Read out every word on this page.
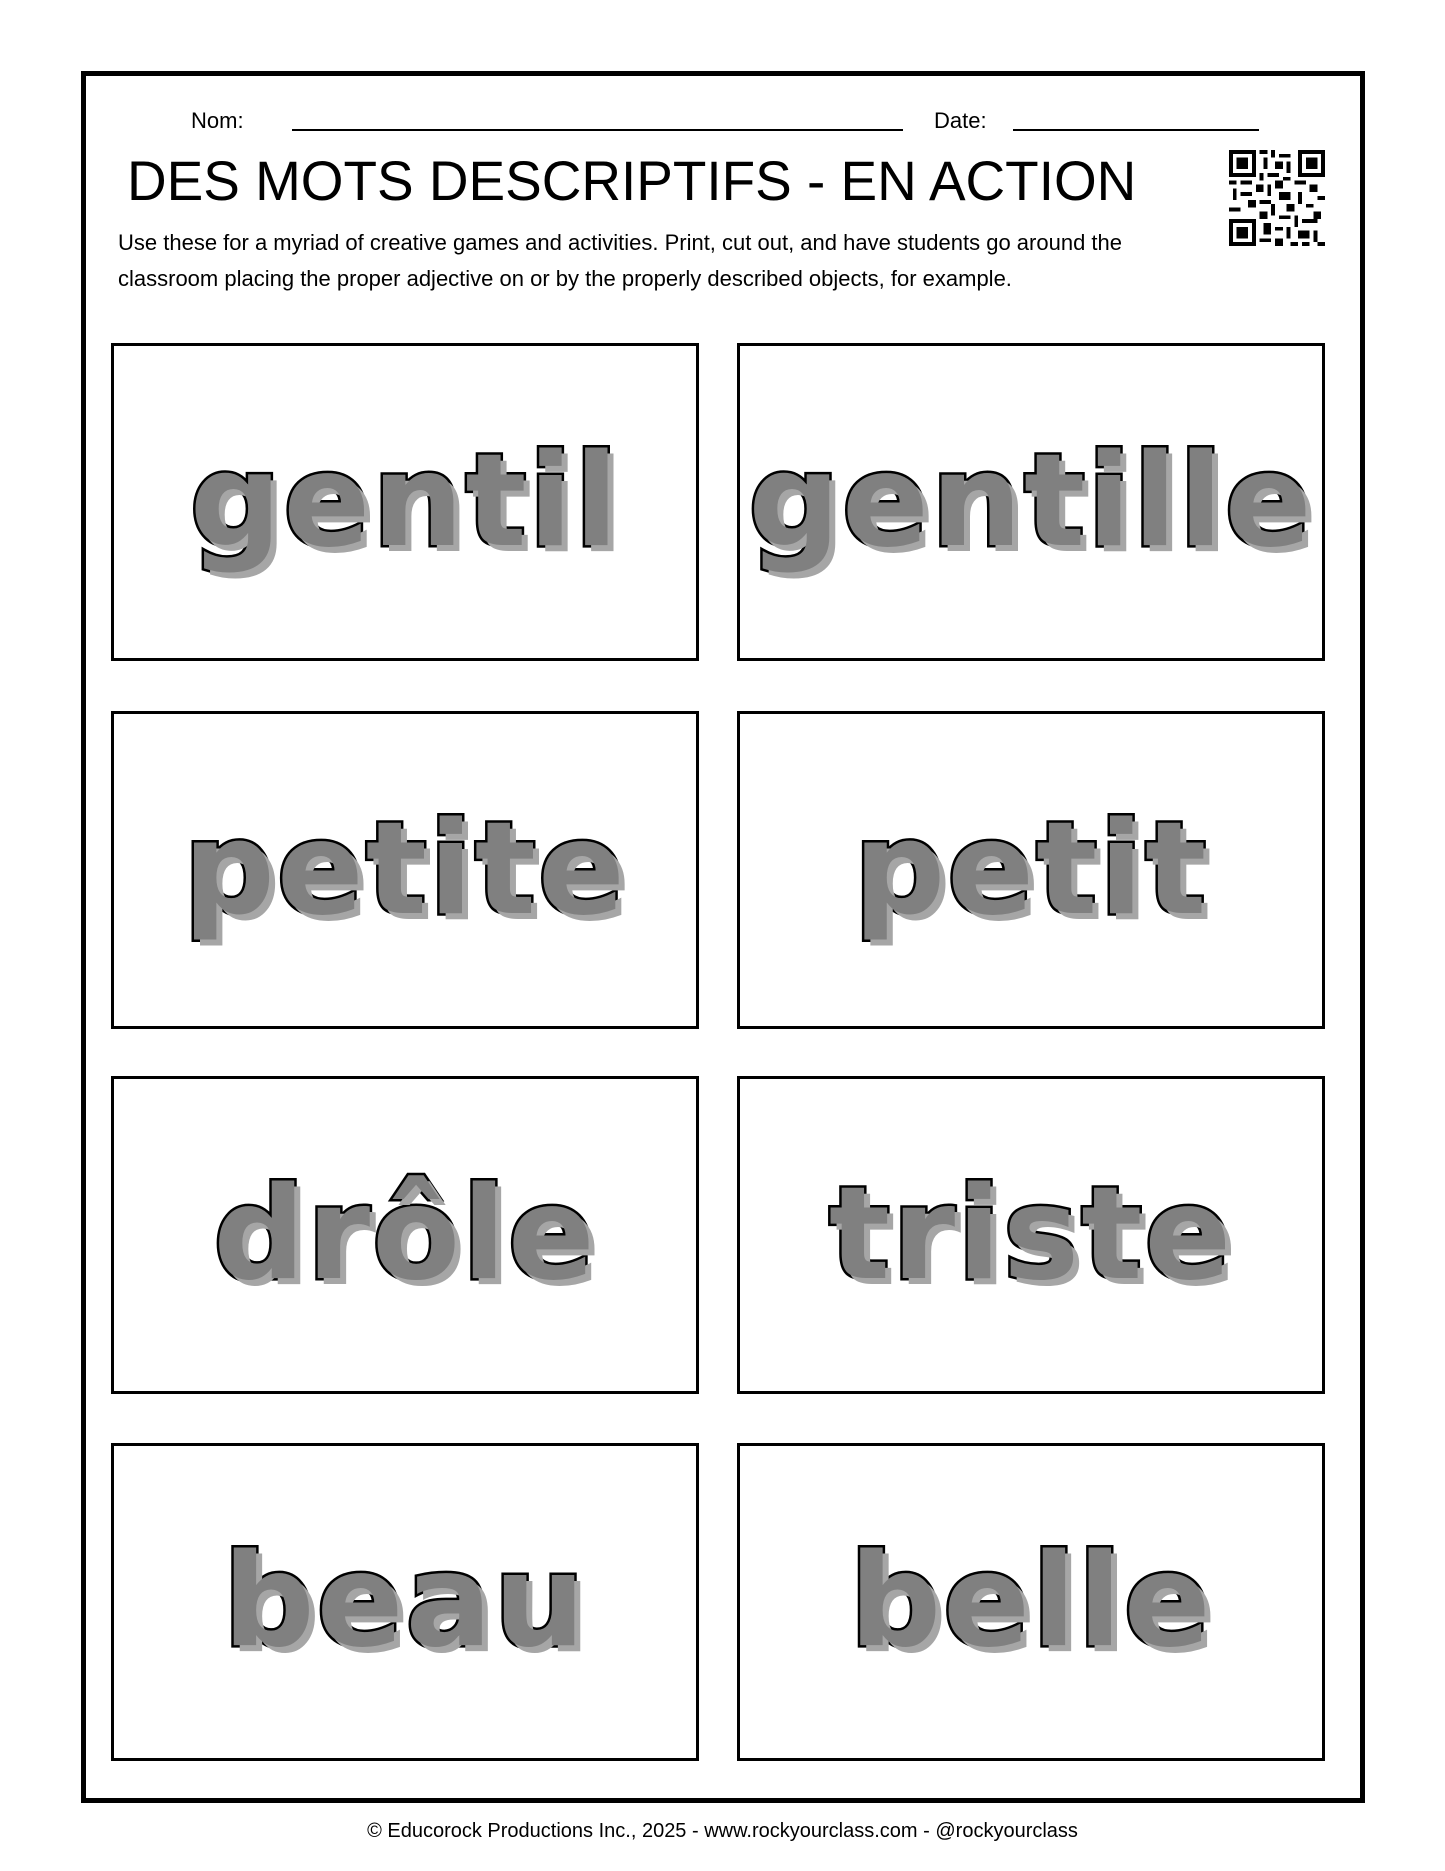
Nom:	Date:
DES MOTS DESCRIPTIFS - EN ACTION

Use these for a myriad of creative games and activities. Print, cut out, and have students go around the classroom placing the proper adjective on or by the properly described objects, for example.

gentil gentille
petite petit
drôle triste
beau belle
© Educorock Productions Inc., 2025 - www.rockyourclass.com - @rockyourclass
